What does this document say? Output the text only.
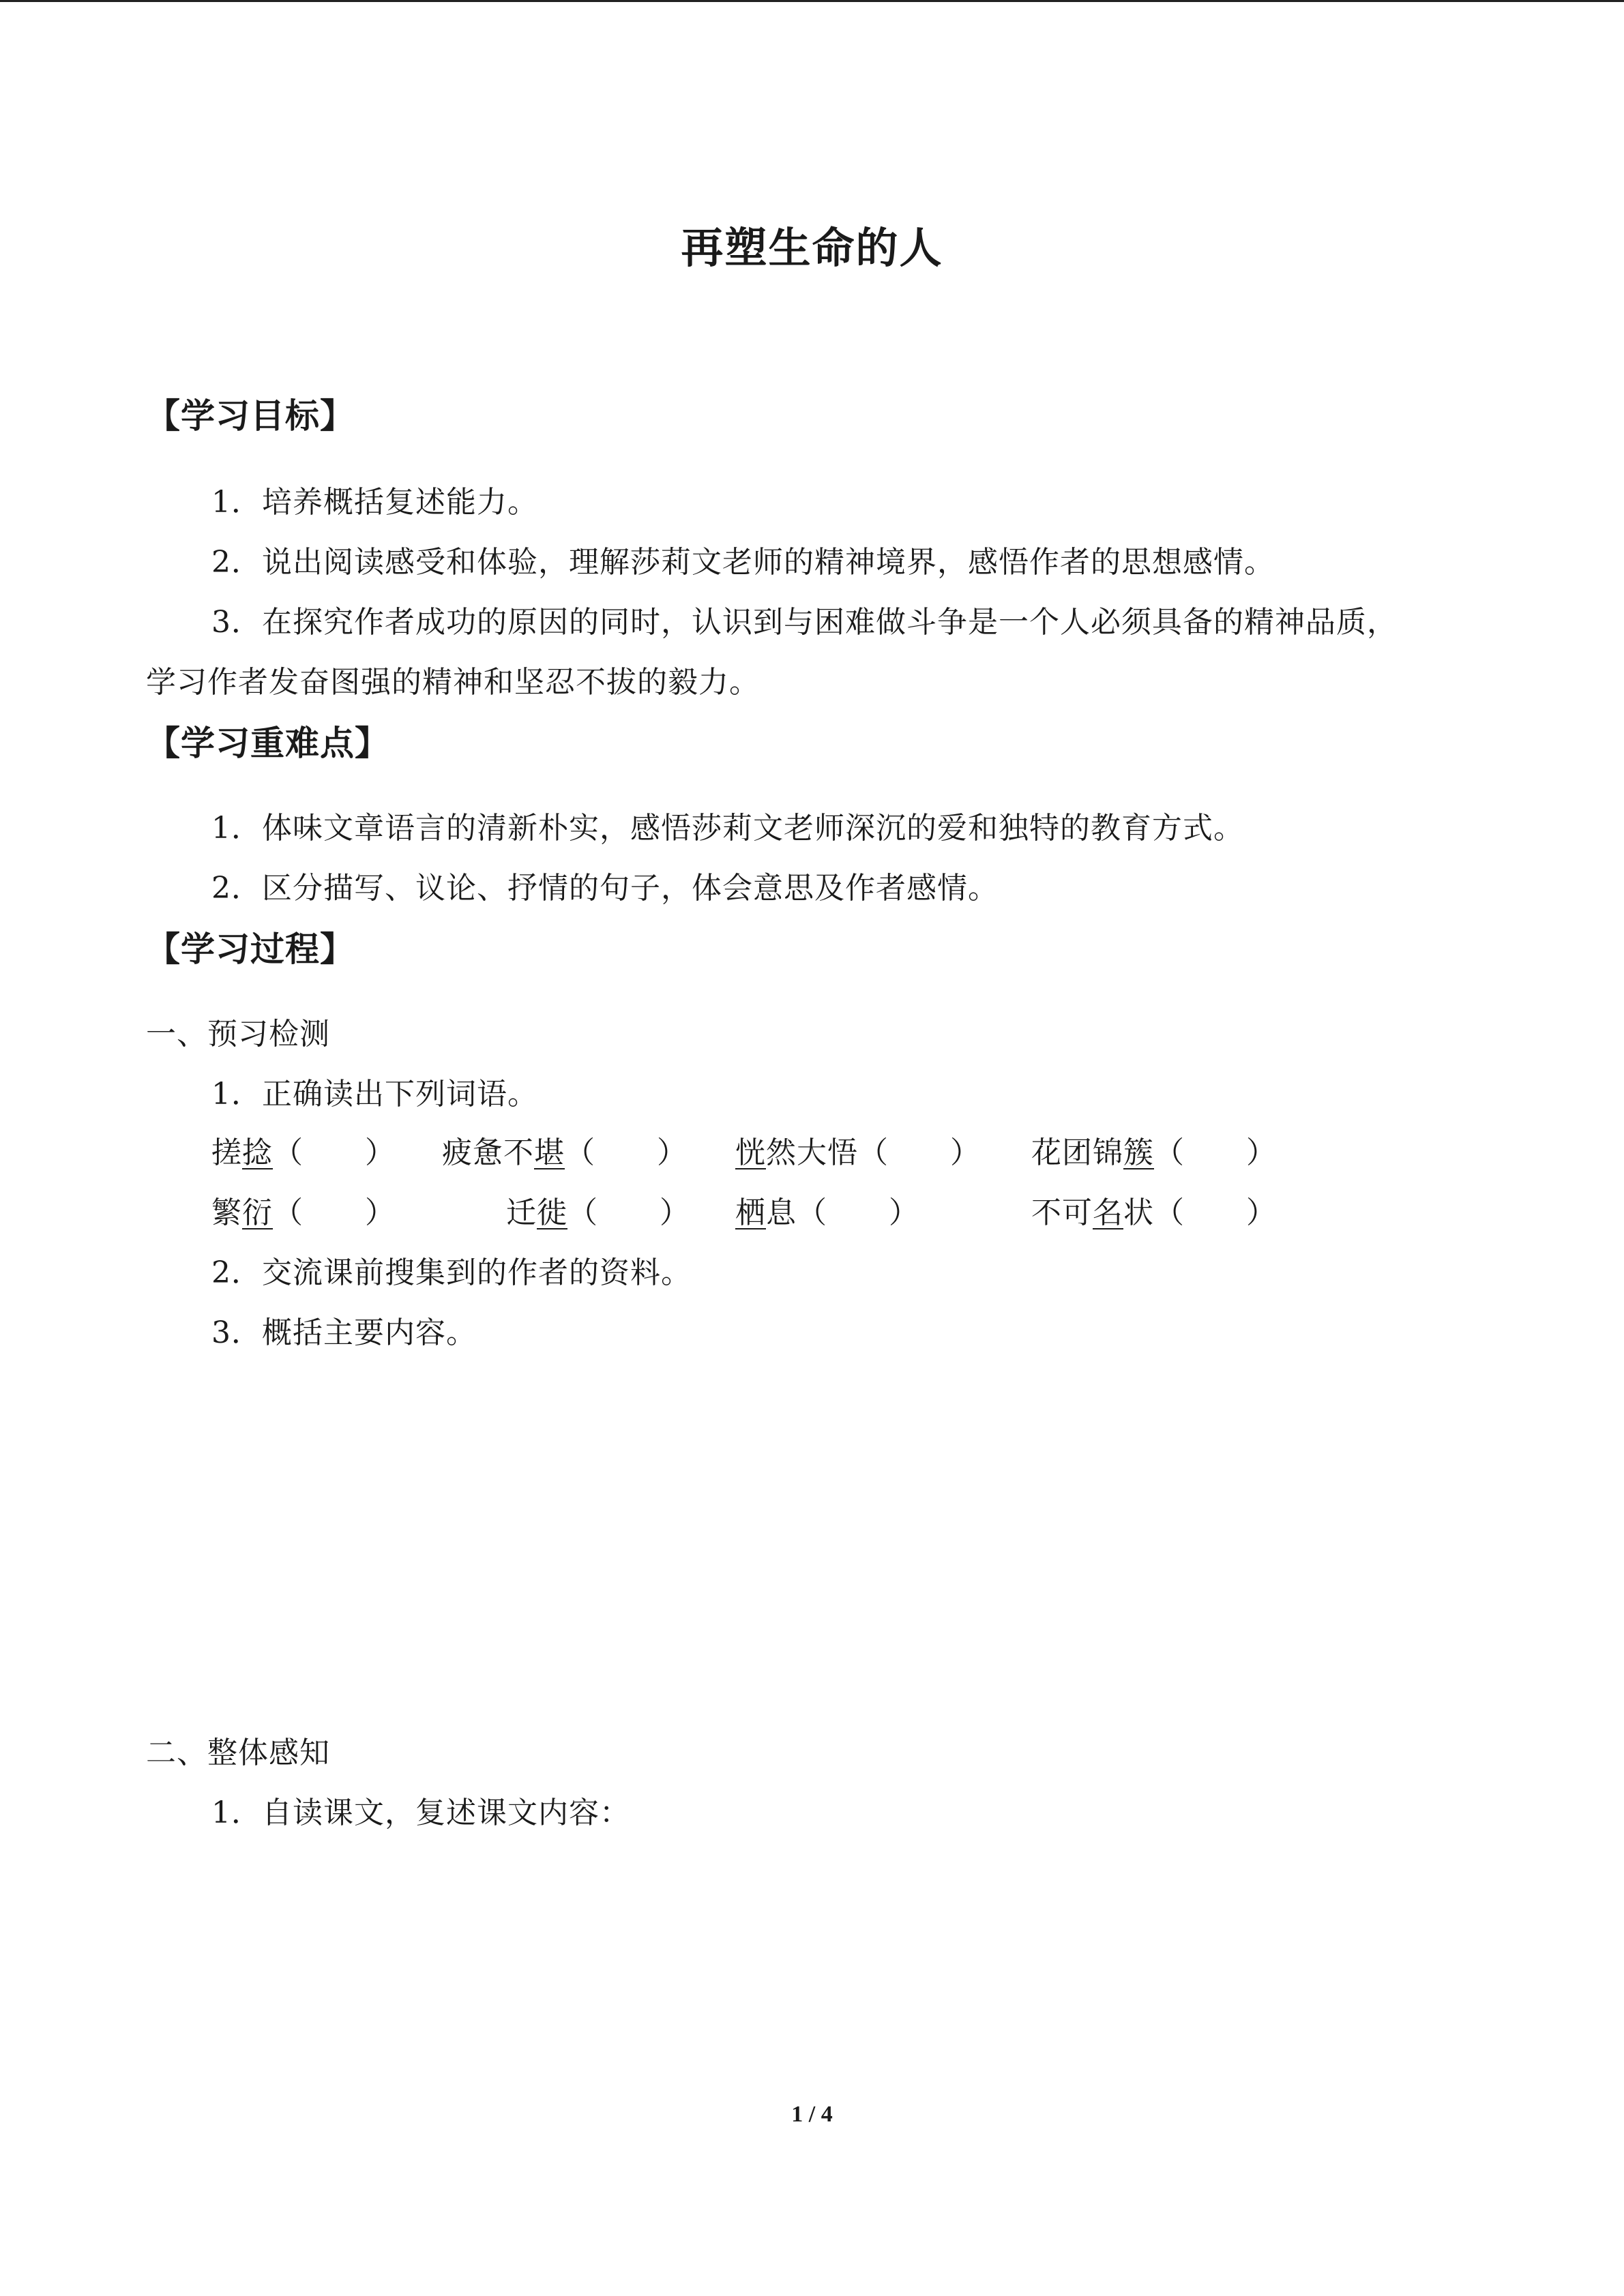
再塑生命的人
【学习目标】
1．培养概括复述能力。
2．说出阅读感受和体验，理解莎莉文老师的精神境界，感悟作者的思想感情。
3．在探究作者成功的原因的同时，认识到与困难做斗争是一个人必须具备的精神品质，
学习作者发奋图强的精神和坚忍不拔的毅力。
【学习重难点】
1．体味文章语言的清新朴实，感悟莎莉文老师深沉的爱和独特的教育方式。
2．区分描写、议论、抒情的句子，体会意思及作者感情。
【学习过程】
一、预习检测
1．正确读出下列词语。
搓捻（ ） 疲惫不堪（ ） 恍然大悟（ ） 花团锦簇（ ）
繁衍（ ）	迁徙（ ） 栖息（ ）	不可名状（ ）
2．交流课前搜集到的作者的资料。
3．概括主要内容。
二、整体感知
1．自读课文，复述课文内容：
1 / 4
